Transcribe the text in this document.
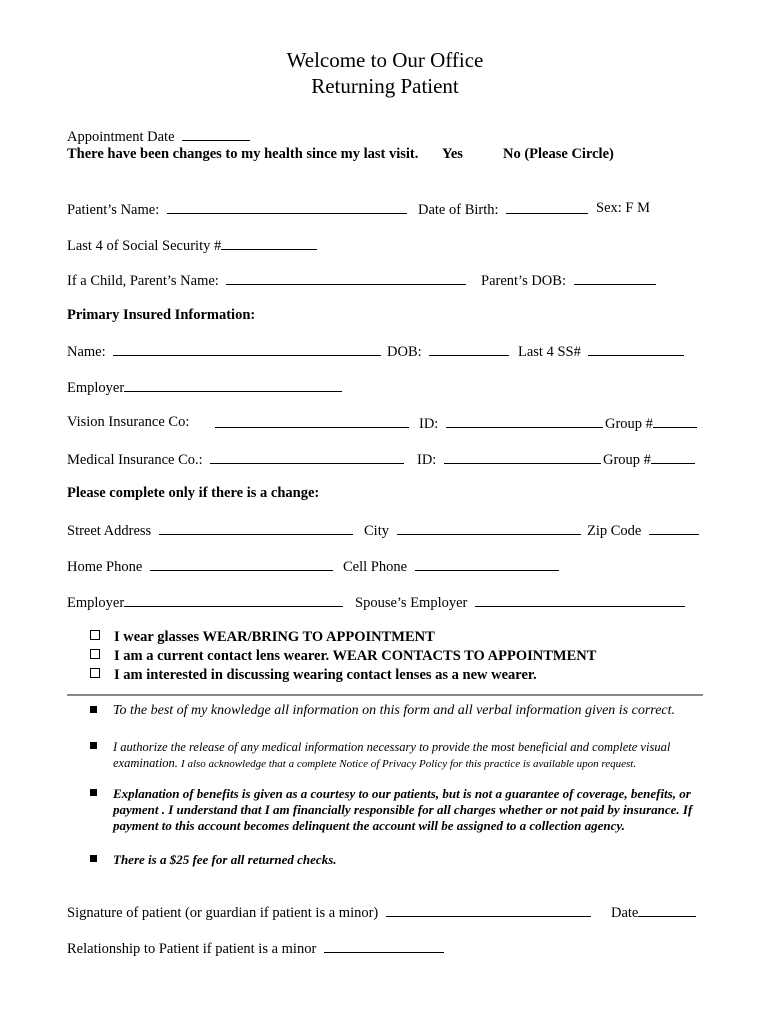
Welcome to Our Office
Returning Patient
Appointment Date
There have been changes to my health since my last visit. Yes	No (Please Circle)
Patient’s Name:	Date of Birth:	Sex: F M
Last 4 of Social Security #
If a Child, Parent’s Name:	Parent’s DOB:
Primary Insured Information:
Name:	DOB:	Last 4 SS#
Employer
Vision Insurance Co:	ID:	Group #
Medical Insurance Co.:	ID:	Group #
Please complete only if there is a change:
Street Address	City	Zip Code
Home Phone	Cell Phone
Employer	Spouse’s Employer
I wear glasses WEAR/BRING TO APPOINTMENT
I am a current contact lens wearer. WEAR CONTACTS TO APPOINTMENT
I am interested in discussing wearing contact lenses as a new wearer.
To the best of my knowledge all information on this form and all verbal information given is correct.
I authorize the release of any medical information necessary to provide the most beneficial and complete visual examination. I also acknowledge that a complete Notice of Privacy Policy for this practice is available upon request.
Explanation of benefits is given as a courtesy to our patients, but is not a guarantee of coverage, benefits, or payment . I understand that I am financially responsible for all charges whether or not paid by insurance. If payment to this account becomes delinquent the account will be assigned to a collection agency.
There is a $25 fee for all returned checks.
Signature of patient (or guardian if patient is a minor)	Date
Relationship to Patient if patient is a minor
